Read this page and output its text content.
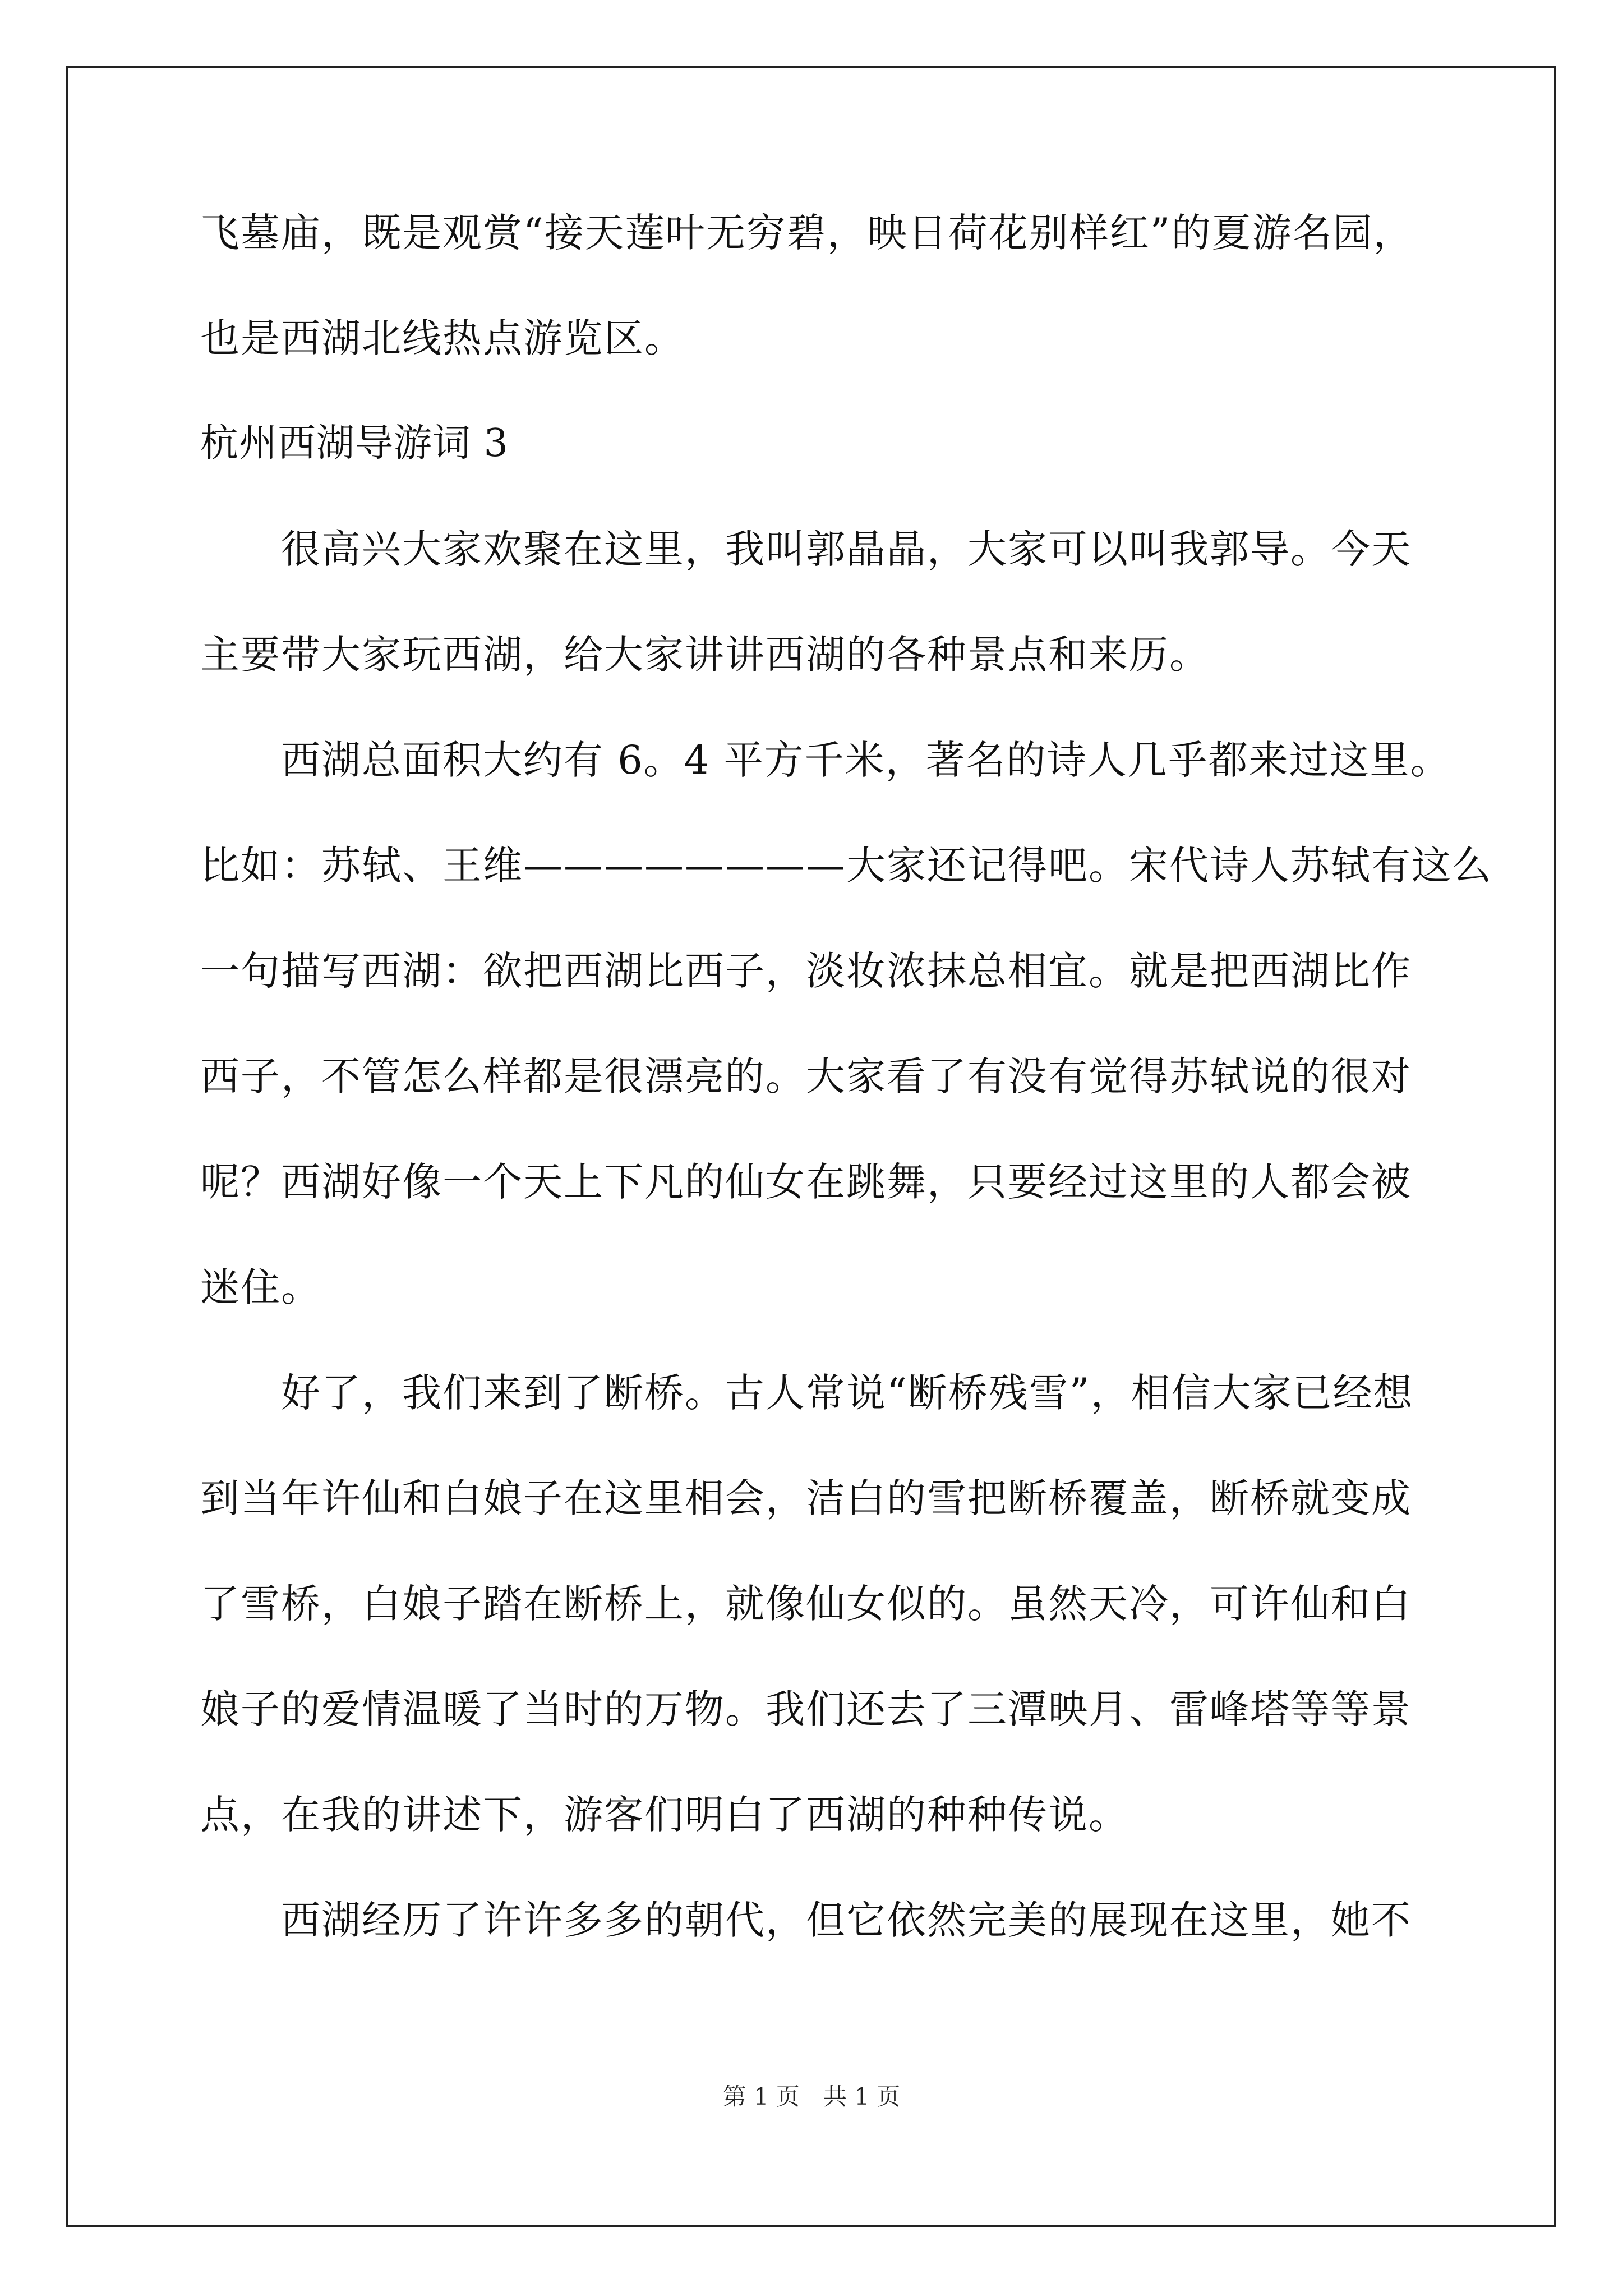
飞墓庙，既是观赏“接天莲叶无穷碧，映日荷花别样红”的夏游名园，
也是西湖北线热点游览区。
杭州西湖导游词 3
　　很高兴大家欢聚在这里，我叫郭晶晶，大家可以叫我郭导。今天
主要带大家玩西湖，给大家讲讲西湖的各种景点和来历。
　　西湖总面积大约有 6。4 平方千米，著名的诗人几乎都来过这里。
比如：苏轼、王维————————大家还记得吧。宋代诗人苏轼有这么
一句描写西湖：欲把西湖比西子，淡妆浓抹总相宜。就是把西湖比作
西子，不管怎么样都是很漂亮的。大家看了有没有觉得苏轼说的很对
呢？西湖好像一个天上下凡的仙女在跳舞，只要经过这里的人都会被
迷住。
　　好了，我们来到了断桥。古人常说“断桥残雪”，相信大家已经想
到当年许仙和白娘子在这里相会，洁白的雪把断桥覆盖，断桥就变成
了雪桥，白娘子踏在断桥上，就像仙女似的。虽然天冷，可许仙和白
娘子的爱情温暖了当时的万物。我们还去了三潭映月、雷峰塔等等景
点，在我的讲述下，游客们明白了西湖的种种传说。
　　西湖经历了许许多多的朝代，但它依然完美的展现在这里，她不
第 1 页　共 1 页
